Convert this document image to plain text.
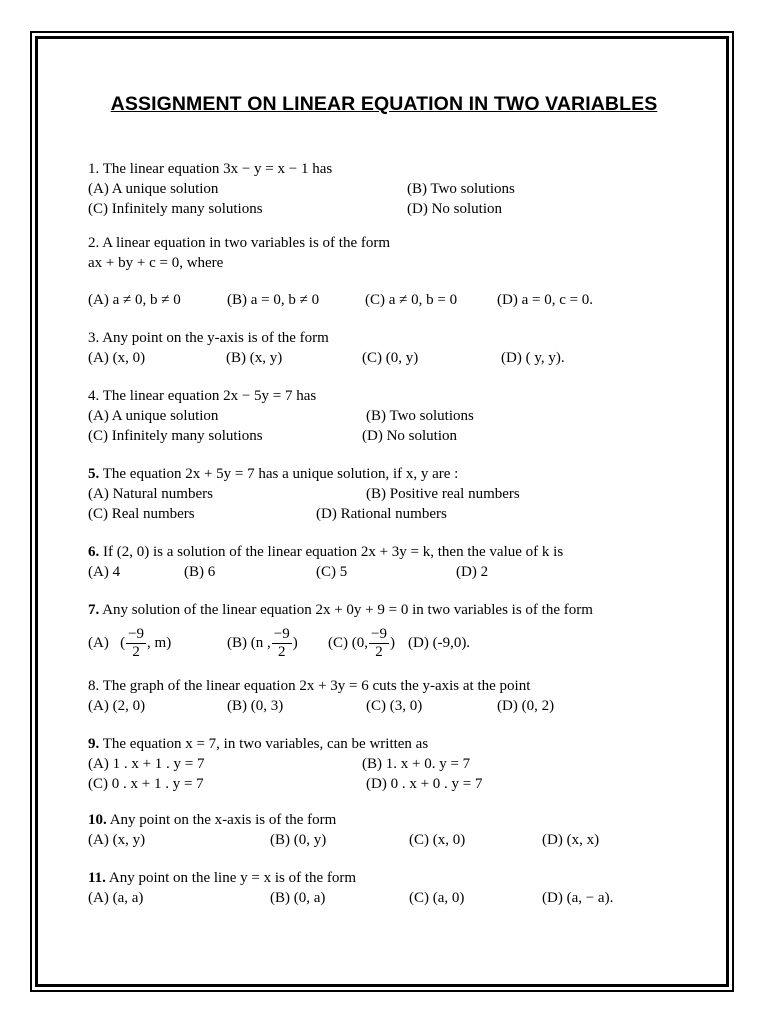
ASSIGNMENT ON LINEAR EQUATION IN TWO VARIABLES
1. The linear equation 3x − y = x − 1 has
(A) A unique solution	(B) Two solutions
(C) Infinitely many solutions	(D) No solution
2. A linear equation in two variables is of the form
ax + by + c = 0, where
(A) a ≠ 0, b ≠ 0	(B) a = 0, b ≠ 0	(C) a ≠ 0, b = 0	(D) a = 0, c = 0.
3. Any point on the y-axis is of the form
(A) (x, 0)	(B) (x, y)	(C) (0, y)	(D) ( y, y).
4. The linear equation 2x − 5y = 7 has
(A) A unique solution	(B) Two solutions
(C) Infinitely many solutions	(D) No solution
5. The equation 2x + 5y = 7 has a unique solution, if x, y are :
(A) Natural numbers	(B) Positive real numbers
(C) Real numbers	(D) Rational numbers
6. If (2, 0) is a solution of the linear equation 2x + 3y = k, then the value of k is
(A) 4	(B) 6	(C) 5	(D) 2
7. Any solution of the linear equation 2x + 0y + 9 = 0 in two variables is of the form
(A) ( $\frac{-9}{2}$ , m)	(B) (n , $\frac{-9}{2}$ ) (C) (0, $\frac{-9}{2}$ ) (D) (-9,0).
8. The graph of the linear equation 2x + 3y = 6 cuts the y-axis at the point
(A) (2, 0)	(B) (0, 3)	(C) (3, 0)	(D) (0, 2)
9. The equation x = 7, in two variables, can be written as
(A) 1 . x + 1 . y = 7	(B) 1. x + 0. y = 7
(C) 0 . x + 1 . y = 7	(D) 0 . x + 0 . y = 7
10. Any point on the x-axis is of the form
(A) (x, y)	(B) (0, y)	(C) (x, 0)	(D) (x, x)
11. Any point on the line y = x is of the form
(A) (a, a)	(B) (0, a)	(C) (a, 0)	(D) (a, − a).
